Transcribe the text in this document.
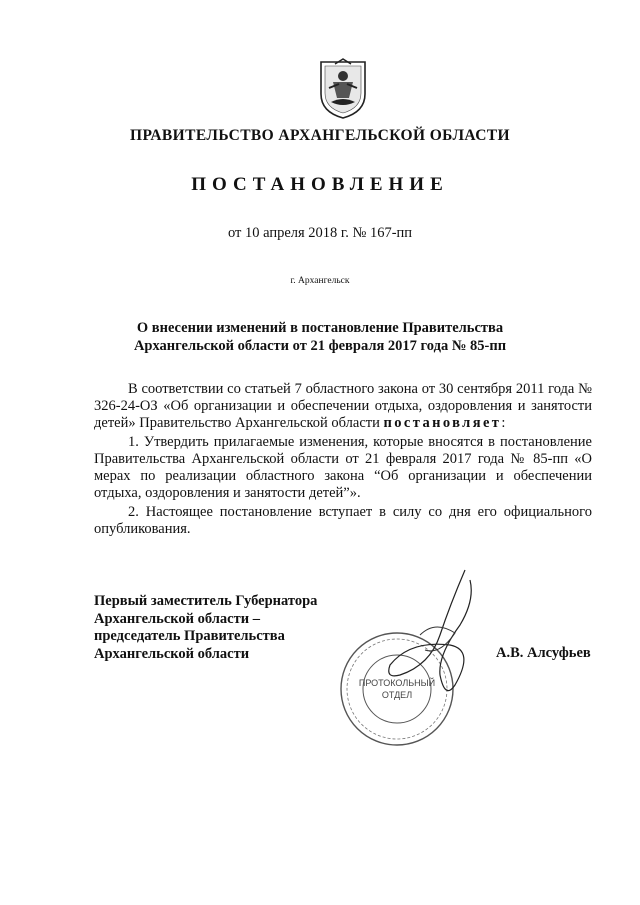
ПРАВИТЕЛЬСТВО АРХАНГЕЛЬСКОЙ ОБЛАСТИ
ПОСТАНОВЛЕНИЕ
от 10 апреля 2018 г. № 167-пп
г. Архангельск
О внесении изменений в постановление Правительства
Архангельской области от 21 февраля 2017 года № 85-пп
В соответствии со статьей 7 областного закона от 30 сентября 2011 года № 326-24-ОЗ «Об организации и обеспечении отдыха, оздоровления и занятости детей» Правительство Архангельской области постановляет:
1. Утвердить прилагаемые изменения, которые вносятся в постановление Правительства Архангельской области от 21 февраля 2017 года № 85-пп «О мерах по реализации областного закона “Об организации и обеспечении отдыха, оздоровления и занятости детей”».
2. Настоящее постановление вступает в силу со дня его официального опубликования.
Первый заместитель Губернатора
Архангельской области –
председатель Правительства
Архангельской области
ПРОТОКОЛЬНЫЙ
ОТДЕЛ
А.В. Алсуфьев
